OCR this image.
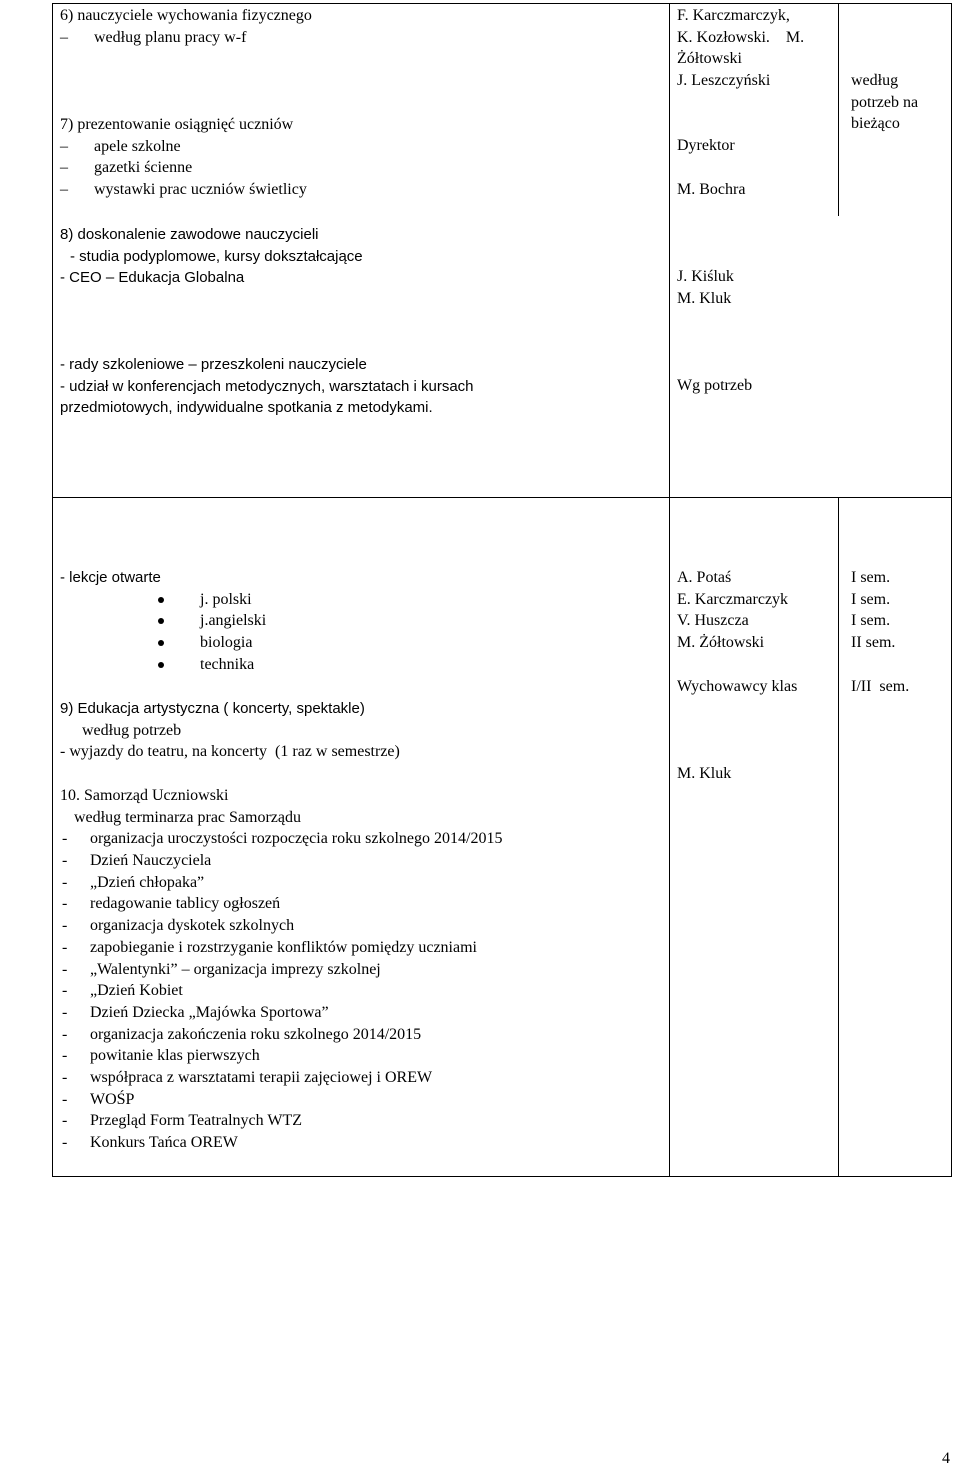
6) nauczyciele wychowania fizycznego
– według planu pracy w-f
7) prezentowanie osiągnięć uczniów
– apele szkolne
– gazetki ścienne
– wystawki prac uczniów świetlicy
8) doskonalenie zawodowe nauczycieli
- studia podyplomowe, kursy dokształcające
- CEO – Edukacja Globalna
F. Karczmarczyk,
K. Kozłowski.    M.
Żółtowski
J. Leszczyński
Dyrektor
M. Bochra
J. Kiśluk
M. Kluk
według
potrzeb na
bieżąco
- rady szkoleniowe – przeszkoleni nauczyciele
- udział w konferencjach metodycznych, warsztatach i kursach
przedmiotowych, indywidualne spotkania z metodykami.
Wg potrzeb
- lekcje otwarte
j. polski
j.angielski
biologia
technika
9) Edukacja artystyczna ( koncerty, spektakle)
według potrzeb
- wyjazdy do teatru, na koncerty  (1 raz w semestrze)
10. Samorząd Uczniowski
według terminarza prac Samorządu
- organizacja uroczystości rozpoczęcia roku szkolnego 2014/2015
- Dzień Nauczyciela
- „Dzień chłopaka”
- redagowanie tablicy ogłoszeń
- organizacja dyskotek szkolnych
- zapobieganie i rozstrzyganie konfliktów pomiędzy uczniami
- „Walentynki” – organizacja imprezy szkolnej
- „Dzień Kobiet
- Dzień Dziecka „Majówka Sportowa”
- organizacja zakończenia roku szkolnego 2014/2015
- powitanie klas pierwszych
- współpraca z warsztatami terapii zajęciowej i OREW
- WOŚP
- Przegląd Form Teatralnych WTZ
- Konkurs Tańca OREW
A. Potaś
E. Karczmarczyk
V. Huszcza
M. Żółtowski
Wychowawcy klas
M. Kluk
I sem.
I sem.
I sem.
II sem.
I/II  sem.
4
